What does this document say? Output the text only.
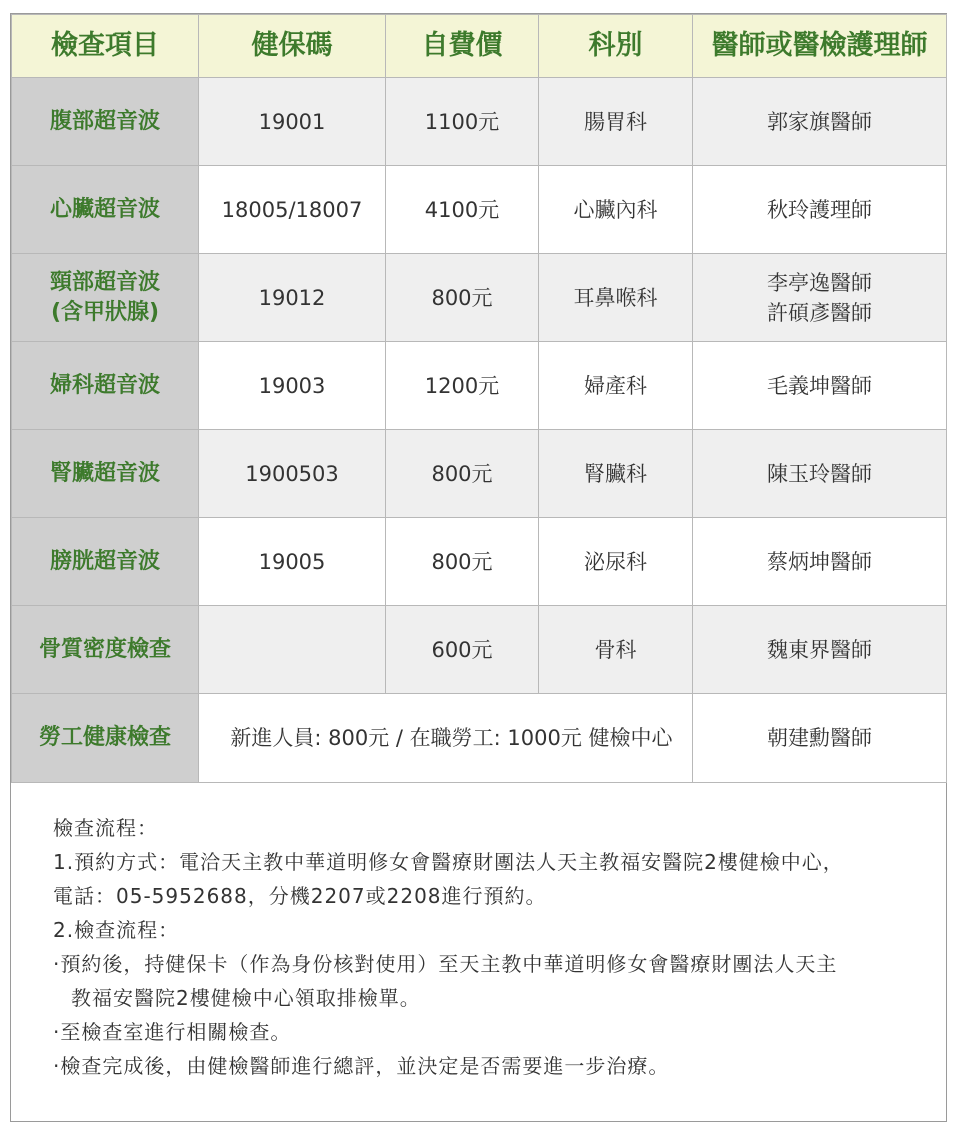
檢查項目	健保碼	自費價	科別	醫師或醫檢護理師

腹部超音波	19001	1100元	腸胃科	郭家旗醫師

心臟超音波	18005/18007	4100元	心臟內科	秋玲護理師

頸部超音波
(含甲狀腺)	19012	800元	耳鼻喉科	李亭逸醫師
許碩彥醫師

婦科超音波	19003	1200元	婦產科	毛義坤醫師

腎臟超音波	1900503	800元	腎臟科	陳玉玲醫師

膀胱超音波	19005	800元	泌尿科	蔡炳坤醫師

骨質密度檢查		600元	骨科	魏東界醫師

勞工健康檢查	新進人員: 800元 / 在職勞工: 1000元 健檢中心			朝建勳醫師

檢查流程：

1.預約方式：電洽天主教中華道明修女會醫療財團法人天主教福安醫院2樓健檢中心，

電話：05-5952688，分機2207或2208進行預約。

2.檢查流程：

‧預約後，持健保卡（作為身份核對使用）至天主教中華道明修女會醫療財團法人天主

教福安醫院2樓健檢中心領取排檢單。

‧至檢查室進行相關檢查。

‧檢查完成後，由健檢醫師進行總評，並決定是否需要進一步治療。
